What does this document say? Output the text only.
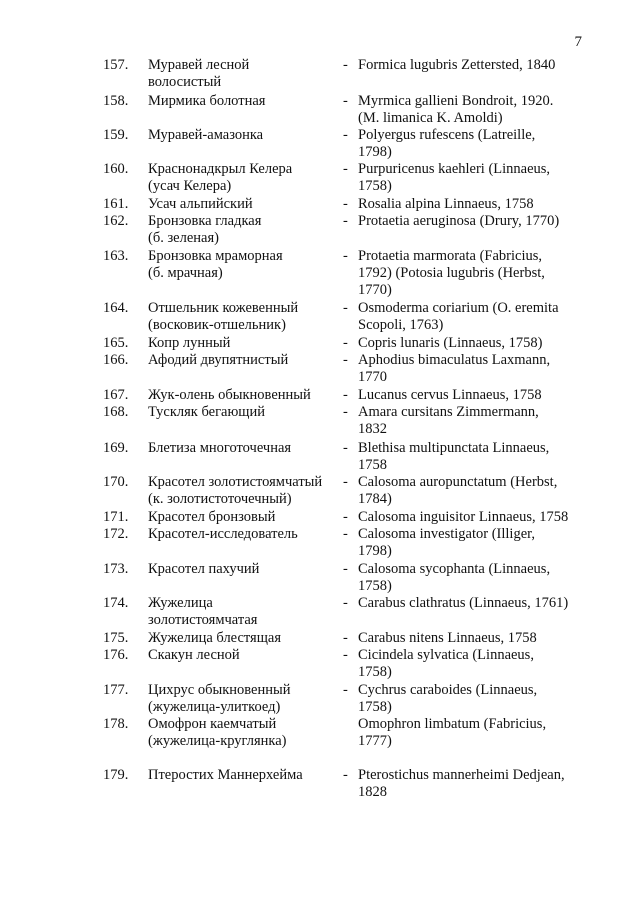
7
157.	Муравей лесной
волосистый
- Formica lugubris Zettersted, 1840
158.	Мирмика болотная	- Myrmica gallieni Bondroit, 1920.
(M. limanica K. Amoldi)
159.	Муравей-амазонка	- Polyergus rufescens (Latreille,
1798)
160.	Краснонадкрыл Келера
(усач Келера)
- Purpuricenus kaehleri (Linnaeus,
1758)
161.	Усач альпийский	- Rosalia alpina Linnaeus, 1758
162.	Бронзовка гладкая
(б. зеленая)
- Protaetia aeruginosa (Drury, 1770)
163.	Бронзовка мраморная
(б. мрачная)
- Protaetia marmorata (Fabricius,
1792) (Potosia lugubris (Herbst,
1770)
164.	Отшельник кожевенный
(восковик-отшельник)
- Osmoderma coriarium (O. eremita
Scopoli, 1763)
165.	Копр лунный	- Copris lunaris (Linnaeus, 1758)
166.	Афодий двупятнистый	- Aphodius bimaculatus Laxmann,
1770
167.	Жук-олень обыкновенный	- Lucanus cervus Linnaeus, 1758
168.	Тускляк бегающий	- Amara cursitans Zimmermann,
1832
169.	Блетиза многоточечная	- Blethisa multipunctata Linnaeus,
1758
170.	Красотел золотистоямчатый
(к. золотистоточечный)
- Calosoma auropunctatum (Herbst,
1784)
171.	Красотел бронзовый	- Calosoma inguisitor Linnaeus, 1758
172.	Красотел-исследователь	- Calosoma investigator (Illiger,
1798)
173.	Красотел пахучий	- Calosoma sycophanta (Linnaeus,
1758)
174.	Жужелица
золотистоямчатая
- Carabus clathratus (Linnaeus, 1761)
175.	Жужелица блестящая	- Carabus nitens Linnaeus, 1758
176.	Скакун лесной	- Cicindela sylvatica (Linnaeus,
1758)
177.	Цихрус обыкновенный
(жужелица-улиткоед)
- Cychrus caraboides (Linnaeus,
1758)
178.	Омофрон каемчатый
(жужелица-круглянка)
Omophron limbatum (Fabricius,
1777)
179.	Птеростих Маннерхейма	- Pterostichus mannerheimi Dedjean,
1828
